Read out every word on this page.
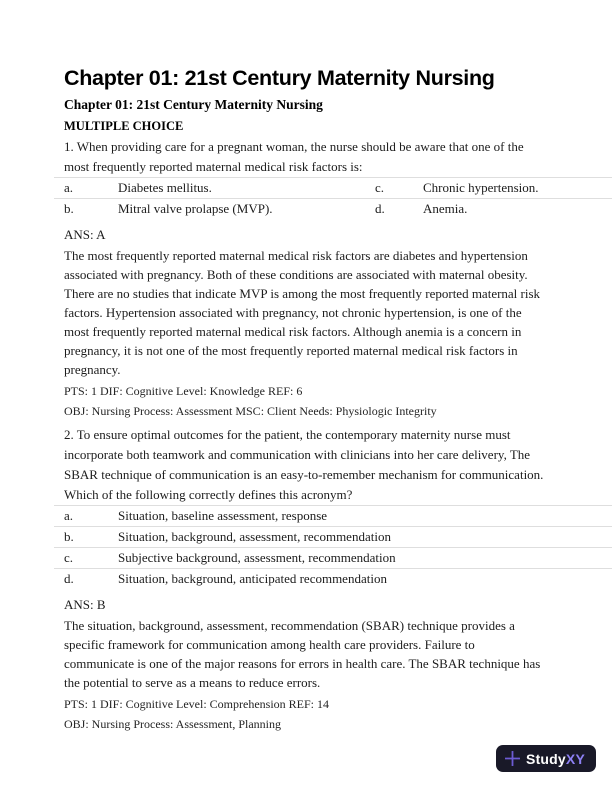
Chapter 01: 21st Century Maternity Nursing
Chapter 01: 21st Century Maternity Nursing
MULTIPLE CHOICE

1. When providing care for a pregnant woman, the nurse should be aware that one of the most frequently reported maternal medical risk factors is:

a.	Diabetes mellitus.	c.	Chronic hypertension.
b.	Mitral valve prolapse (MVP).	d.	Anemia.
ANS: A

The most frequently reported maternal medical risk factors are diabetes and hypertension associated with pregnancy. Both of these conditions are associated with maternal obesity. There are no studies that indicate MVP is among the most frequently reported maternal risk factors. Hypertension associated with pregnancy, not chronic hypertension, is one of the most frequently reported maternal medical risk factors. Although anemia is a concern in pregnancy, it is not one of the most frequently reported maternal medical risk factors in pregnancy.

PTS: 1 DIF: Cognitive Level: Knowledge REF: 6
OBJ: Nursing Process: Assessment MSC: Client Needs: Physiologic Integrity

2. To ensure optimal outcomes for the patient, the contemporary maternity nurse must incorporate both teamwork and communication with clinicians into her care delivery, The SBAR technique of communication is an easy-to-remember mechanism for communication. Which of the following correctly defines this acronym?

a.	Situation, baseline assessment, response
b.	Situation, background, assessment, recommendation
c.	Subjective background, assessment, recommendation
d.	Situation, background, anticipated recommendation
ANS: B

The situation, background, assessment, recommendation (SBAR) technique provides a specific framework for communication among health care providers. Failure to communicate is one of the major reasons for errors in health care. The SBAR technique has the potential to serve as a means to reduce errors.

PTS: 1 DIF: Cognitive Level: Comprehension REF: 14
OBJ: Nursing Process: Assessment, Planning
StudyXY
